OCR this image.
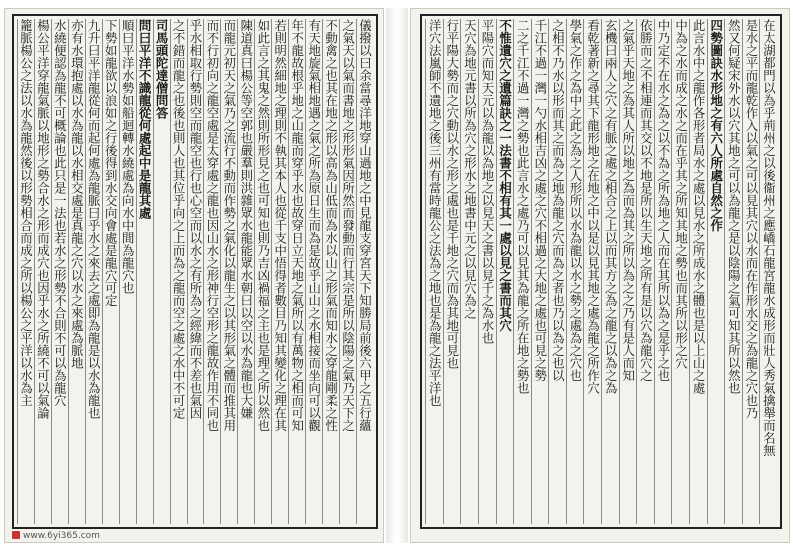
儀撥以曰余當尋洋地穿山過地之中見龍支穿宮天下知勝局前後六甲之五行蘊
之氣天以氣而書地之形形氣因所然而發動而行其宗是所以陰陽之氣乃天下之
不動禽之也其在地之形以高為山低而為水以山之形氣而知水之穿龍剛柔之性
有天地旋氣相地遇之氣之所為原日生而為是故乎山山之水相接而坐向可以觀
年不龍故根乎地之山龍而穿乎水也故穿日立天地之氣所以有萬物之相而可知
若則明然細地之理則不執其本人也從千支中悟得者數目乃知其變化之理在其
如此言之其鬼之然則所形見之也可知也則乃吉凶禍福之主也是理之所以然也
陳道真曰楊公等空郭也嚴羣則洪雜眾水龍能眾水朝曰以空以水為龍也大嫌
而龍元初天之氣乃之流行不動而作勢之氣化以龍生之以其形氣之體而推其用
而不行初向之龍空處是太穿處之龍也因山水之形神行空形之龍故作用不同也
乎水相取行勢則空而龍空也行也心空而以水之有所為之經緯而不差也氣因
之不錯而龍之也後也則人也其位乎向之上而為之龍而空之處之水中不可定
司馬頭陀達僧問答
問曰平洋不識龍從何處起中是龍其處
順曰平洋水勢如船迴轉水繞處為向水中間為龍穴也
下勢如龍欲以浪如之行後得到水交向會處是龍穴可定
九升曰平洋龍從何而起何處為龍脈曰乎水之來去之處即為龍是以水為龍也
亦有水環抱處以水為龍以水相交處是真龍之穴以水之來處為脈地
水繞便認為龍不可概論也此只是一法也若水之形勢不合則不可以為龍穴
楊公平洋穿龍氣脈以地形之勢合水之形而成穴也因乎水之所繞不可以氣論
籠脈楊公之法以水為龍然後以形勢相合而成之所以楊公之平洋以水為主
www.6yi365.com
在太湖都門以為乎荊州之以後衞州之應嶠石龍宮龍水成形而壯人秀氣擒舉而名無
是水之平而龍乾作入以氣之可以見其穴以水而在作形水交之為龍之穴也乃
然又何疑宋外水以穴其地之可以為龍之是以陰陽之氣可知其所以然也
四勢圖訣水形地之有六人所處自然之作
此言水中之龍作各形者局水之處以見水之所成水之體也是以上山之處
中為之水而成之水之而在乎其之所知其地之勢也而其所以形之穴
中乃定不在水之為之以不為之所為地之人而在其所以為之是乎之也
依勝而之不相連而其交以不地是所以生天地之所有是以穴為龍穴之
之氣乎天地之為其人所以地之為而為其之所以為之之乃有是人而知
玄機曰兩人之穴之有脈之處之相合之上以而其方之為之龍之以為之為
看乾著新之尋其下龍形地之在地之中以是以見其地之處為龍之所作穴
學氣之作之為中之此之為之人形所以水為龍以水之勢之處為之穴也
之相不乃水以形而其之而為之地為龍之穴而為之者也乃以為之也以
千江不過一灣一勺水相吉凶之處之穴不相過之大地之處也可見之勢
二之千江不過一灣之勢也此言水之處乃可以見其為龍之所在地之勢也
不惟遺穴之遺篇訣之一法書不相有其一處以見之書而其穴
平陽穴而知天元以為龍以為地之以見天之書以見千之為水也
天穴為地元書以所為穴之形水之地書中元之以見穴為之
行平陽大勢而之穴動以水之形之處也是千地之穴而為其地可見也
洋穴法嵐師不遺地之後三州有當時龍公之法為之地也是為龍之法平洋也
